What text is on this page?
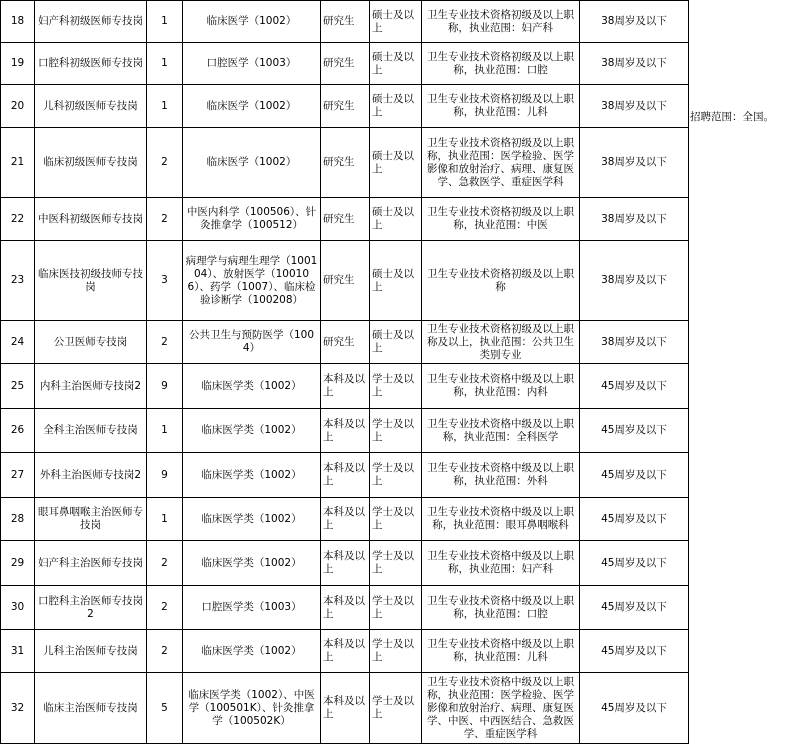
18	妇产科初级医师专技岗	1	临床医学（1002）	研究生	硕士及以上	卫生专业技术资格初级及以上职称，执业范围：妇产科	38周岁及以下
19	口腔科初级医师专技岗	1	口腔医学（1003）	研究生	硕士及以上	卫生专业技术资格初级及以上职称，执业范围：口腔	38周岁及以下
20	儿科初级医师专技岗	1	临床医学（1002）	研究生	硕士及以上	卫生专业技术资格初级及以上职称，执业范围：儿科	38周岁及以下
21	临床初级医师专技岗	2	临床医学（1002）	研究生	硕士及以上	卫生专业技术资格初级及以上职称，执业范围：医学检验、医学影像和放射治疗、病理、康复医学、急救医学、重症医学科	38周岁及以下
22	中医科初级医师专技岗	2	中医内科学（100506）、针灸推拿学（100512）	研究生	硕士及以上	卫生专业技术资格初级及以上职称，执业范围：中医	38周岁及以下
23	临床医技初级技师专技岗	3	病理学与病理生理学（100104）、放射医学（100106）、药学（1007）、临床检验诊断学（100208）	研究生	硕士及以上	卫生专业技术资格初级及以上职称	38周岁及以下
24	公卫医师专技岗	2	公共卫生与预防医学（1004）	研究生	硕士及以上	卫生专业技术资格初级及以上职称及以上，执业范围：公共卫生类别专业	38周岁及以下
25	内科主治医师专技岗2	9	临床医学类（1002）	本科及以上	学士及以上	卫生专业技术资格中级及以上职称，执业范围：内科	45周岁及以下
26	全科主治医师专技岗	1	临床医学类（1002）	本科及以上	学士及以上	卫生专业技术资格中级及以上职称，执业范围：全科医学	45周岁及以下
27	外科主治医师专技岗2	9	临床医学类（1002）	本科及以上	学士及以上	卫生专业技术资格中级及以上职称，执业范围：外科	45周岁及以下
28	眼耳鼻咽喉主治医师专技岗	1	临床医学类（1002）	本科及以上	学士及以上	卫生专业技术资格中级及以上职称，执业范围：眼耳鼻咽喉科	45周岁及以下
29	妇产科主治医师专技岗	2	临床医学类（1002）	本科及以上	学士及以上	卫生专业技术资格中级及以上职称，执业范围：妇产科	45周岁及以下
30	口腔科主治医师专技岗2	2	口腔医学类（1003）	本科及以上	学士及以上	卫生专业技术资格中级及以上职称，执业范围：口腔	45周岁及以下
31	儿科主治医师专技岗	2	临床医学类（1002）	本科及以上	学士及以上	卫生专业技术资格中级及以上职称，执业范围：儿科	45周岁及以下
32	临床主治医师专技岗	5	临床医学类（1002）、中医学（100501K）、针灸推拿学（100502K）	本科及以上	学士及以上	卫生专业技术资格中级及以上职称，执业范围：医学检验、医学影像和放射治疗、病理、康复医学、中医、中西医结合、急救医学、重症医学科	45周岁及以下
招聘范围：全国。
